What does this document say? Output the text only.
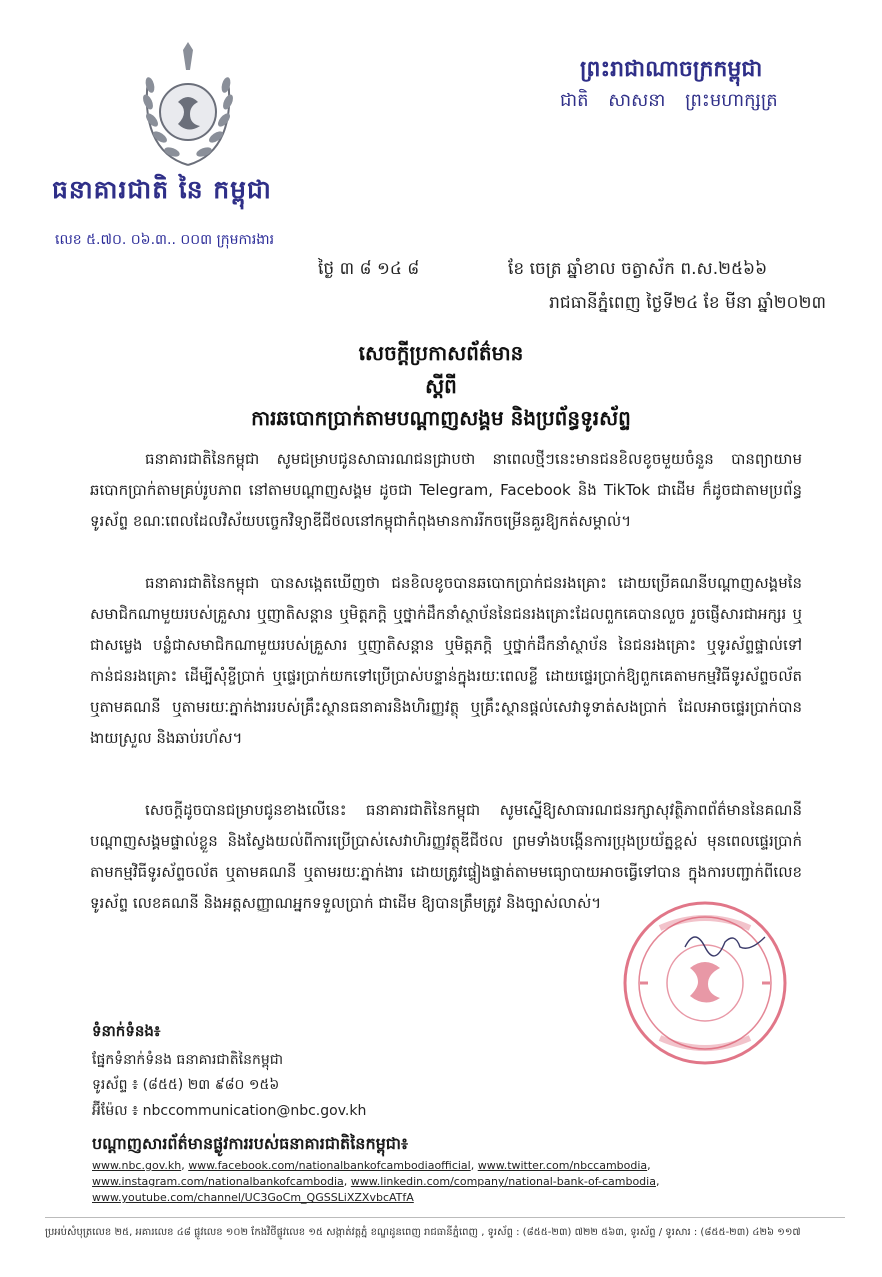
ធនាគារជាតិ នៃ កម្ពុជា
លេខ ៥.៧០. ០៦.៣.. ០០៣ ក្រុមការងារ
ព្រះរាជាណាចក្រកម្ពុជា
ជាតិ សាសនា ព្រះមហាក្សត្រ
ថ្ងៃ ៣ ៨ ១៤ ៨	ខែ ចេត្រ ឆ្នាំខាល ចត្វាស័ក ព.ស.២៥៦៦
រាជធានីភ្នំពេញ ថ្ងៃទី២៤ ខែ មីនា ឆ្នាំ២០២៣
សេចក្តីប្រកាសព័ត៌មាន
ស្តីពី
ការឆបោកប្រាក់តាមបណ្តាញសង្គម និងប្រព័ន្ធទូរស័ព្ទ

ធនាគារជាតិនៃកម្ពុជា សូមជម្រាបជូនសាធារណជនជ្រាបថា នាពេលថ្មីៗនេះមានជនខិលខូចមួយចំនួន បានព្យាយាមឆបោកប្រាក់តាមគ្រប់រូបភាព នៅតាមបណ្តាញសង្គម ដូចជា Telegram, Facebook និង TikTok ជាដើម ក៏ដូចជាតាមប្រព័ន្ធទូរស័ព្ទ ខណៈពេលដែលវិស័យបច្ចេកវិទ្យាឌីជីថលនៅកម្ពុជាកំពុងមានការរីកចម្រើនគួរឱ្យកត់សម្គាល់។

ធនាគារជាតិនៃកម្ពុជា បានសង្កេតឃើញថា ជនខិលខូចបានឆបោកប្រាក់ជនរងគ្រោះ ដោយប្រើគណនីបណ្តាញសង្គមនៃសមាជិកណាមួយរបស់គ្រួសារ ឬញាតិសន្តាន ឬមិត្តភក្តិ ឬថ្នាក់ដឹកនាំស្ថាប័ននៃជនរងគ្រោះដែលពួកគេបានលួច រួចផ្ញើសារជាអក្សរ ឬជាសម្លេង បន្លំជាសមាជិកណាមួយរបស់គ្រួសារ ឬញាតិសន្តាន ឬមិត្តភក្តិ ឬថ្នាក់ដឹកនាំស្ថាប័ន នៃជនរងគ្រោះ ឬទូរស័ព្ទផ្ទាល់ទៅកាន់ជនរងគ្រោះ ដើម្បីសុំខ្ចីប្រាក់ ឬផ្ទេរប្រាក់យកទៅប្រើប្រាស់បន្ទាន់ក្នុងរយៈពេលខ្លី ដោយផ្ទេរប្រាក់ឱ្យពួកគេតាមកម្មវិធីទូរស័ព្ទចល័ត ឬតាមគណនី ឬតាមរយៈភ្នាក់ងាររបស់គ្រឹះស្ថានធនាគារនិងហិរញ្ញវត្ថុ ឬគ្រឹះស្ថានផ្តល់សេវាទូទាត់សងប្រាក់ ដែលអាចផ្ទេរប្រាក់បានងាយស្រួល និងឆាប់រហ័ស។

សេចក្តីដូចបានជម្រាបជូនខាងលើនេះ ធនាគារជាតិនៃកម្ពុជា សូមស្នើឱ្យសាធារណជនរក្សាសុវត្ថិភាពព័ត៌មាននៃគណនីបណ្តាញសង្គមផ្ទាល់ខ្លួន និងស្វែងយល់ពីការប្រើប្រាស់សេវាហិរញ្ញវត្ថុឌីជីថល ព្រមទាំងបង្កើនការប្រុងប្រយ័ត្នខ្ពស់ មុនពេលផ្ទេរប្រាក់តាមកម្មវិធីទូរស័ព្ទចល័ត ឬតាមគណនី ឬតាមរយៈភ្នាក់ងារ ដោយត្រូវផ្ទៀងផ្ទាត់តាមមធ្យោបាយអាចធ្វើទៅបាន ក្នុងការបញ្ជាក់ពីលេខទូរស័ព្ទ លេខគណនី និងអត្តសញ្ញាណអ្នកទទួលប្រាក់ ជាដើម ឱ្យបានត្រឹមត្រូវ និងច្បាស់លាស់។

ទំនាក់ទំនង៖
ផ្នែកទំនាក់ទំនង ធនាគារជាតិនៃកម្ពុជា
ទូរស័ព្ទ ៖ (៨៥៥) ២៣ ៩៨០ ១៥៦
អ៊ីម៉ែល ៖ nbccommunication@nbc.gov.kh
បណ្តាញសារព័ត៌មានផ្លូវការរបស់ធនាគារជាតិនៃកម្ពុជា៖
www.nbc.gov.kh, www.facebook.com/nationalbankofcambodiaofficial, www.twitter.com/nbccambodia,
www.instagram.com/nationalbankofcambodia, www.linkedin.com/company/national-bank-of-cambodia,
www.youtube.com/channel/UC3GoCm_QGSSLiXZXvbcATfA
ប្រអប់សំបុត្រលេខ ២៥, អគារលេខ ៤៨ ផ្លូវលេខ ១០២ កែងវិថីផ្លូវលេខ ១៥ សង្កាត់វត្តភ្នំ ខណ្ឌដូនពេញ រាជធានីភ្នំពេញ , ទូរស័ព្ទ : (៨៥៥-២៣) ៧២២ ៥៦៣, ទូរស័ព្ទ / ទូរសារ : (៨៥៥-២៣) ៤២៦ ១១៧
